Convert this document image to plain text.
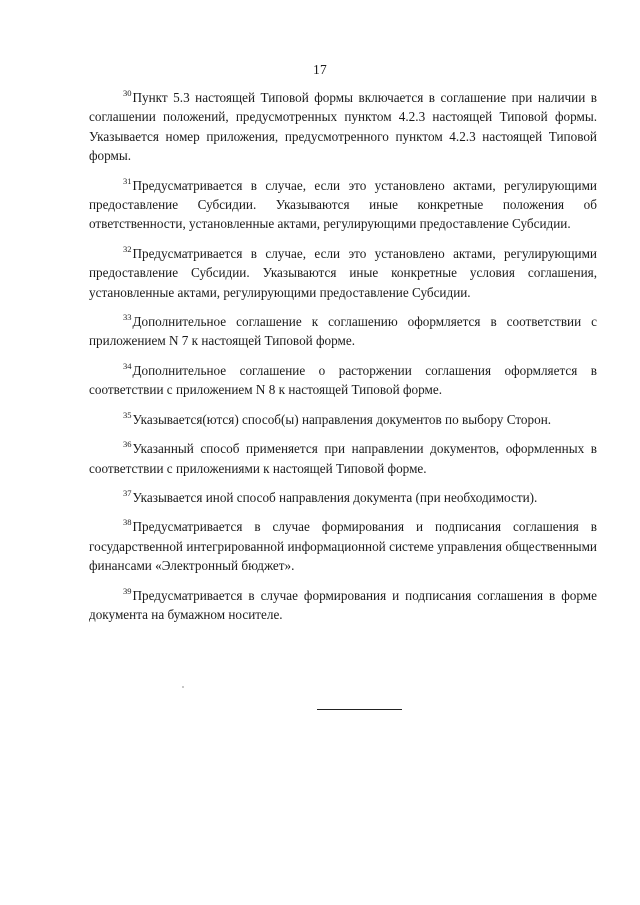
17

$^{30}$Пункт 5.3 настоящей Типовой формы включается в соглашение при наличии в соглашении положений, предусмотренных пунктом 4.2.3 настоящей Типовой формы. Указывается номер приложения, предусмотренного пунктом 4.2.3 настоящей Типовой формы.

$^{31}$Предусматривается в случае, если это установлено актами, регулирующими предоставление Субсидии. Указываются иные конкретные положения об ответственности, установленные актами, регулирующими предоставление Субсидии.

$^{32}$Предусматривается в случае, если это установлено актами, регулирующими предоставление Субсидии. Указываются иные конкретные условия соглашения, установленные актами, регулирующими предоставление Субсидии.

$^{33}$Дополнительное соглашение к соглашению оформляется в соответствии с приложением N 7 к настоящей Типовой форме.

$^{34}$Дополнительное соглашение о расторжении соглашения оформляется в соответствии с приложением N 8 к настоящей Типовой форме.

$^{35}$Указывается(ются) способ(ы) направления документов по выбору Сторон.

$^{36}$Указанный способ применяется при направлении документов, оформленных в соответствии с приложениями к настоящей Типовой форме.

$^{37}$Указывается иной способ направления документа (при необходимости).

$^{38}$Предусматривается в случае формирования и подписания соглашения в государственной интегрированной информационной системе управления общественными финансами «Электронный бюджет».

$^{39}$Предусматривается в случае формирования и подписания соглашения в форме документа на бумажном носителе.
